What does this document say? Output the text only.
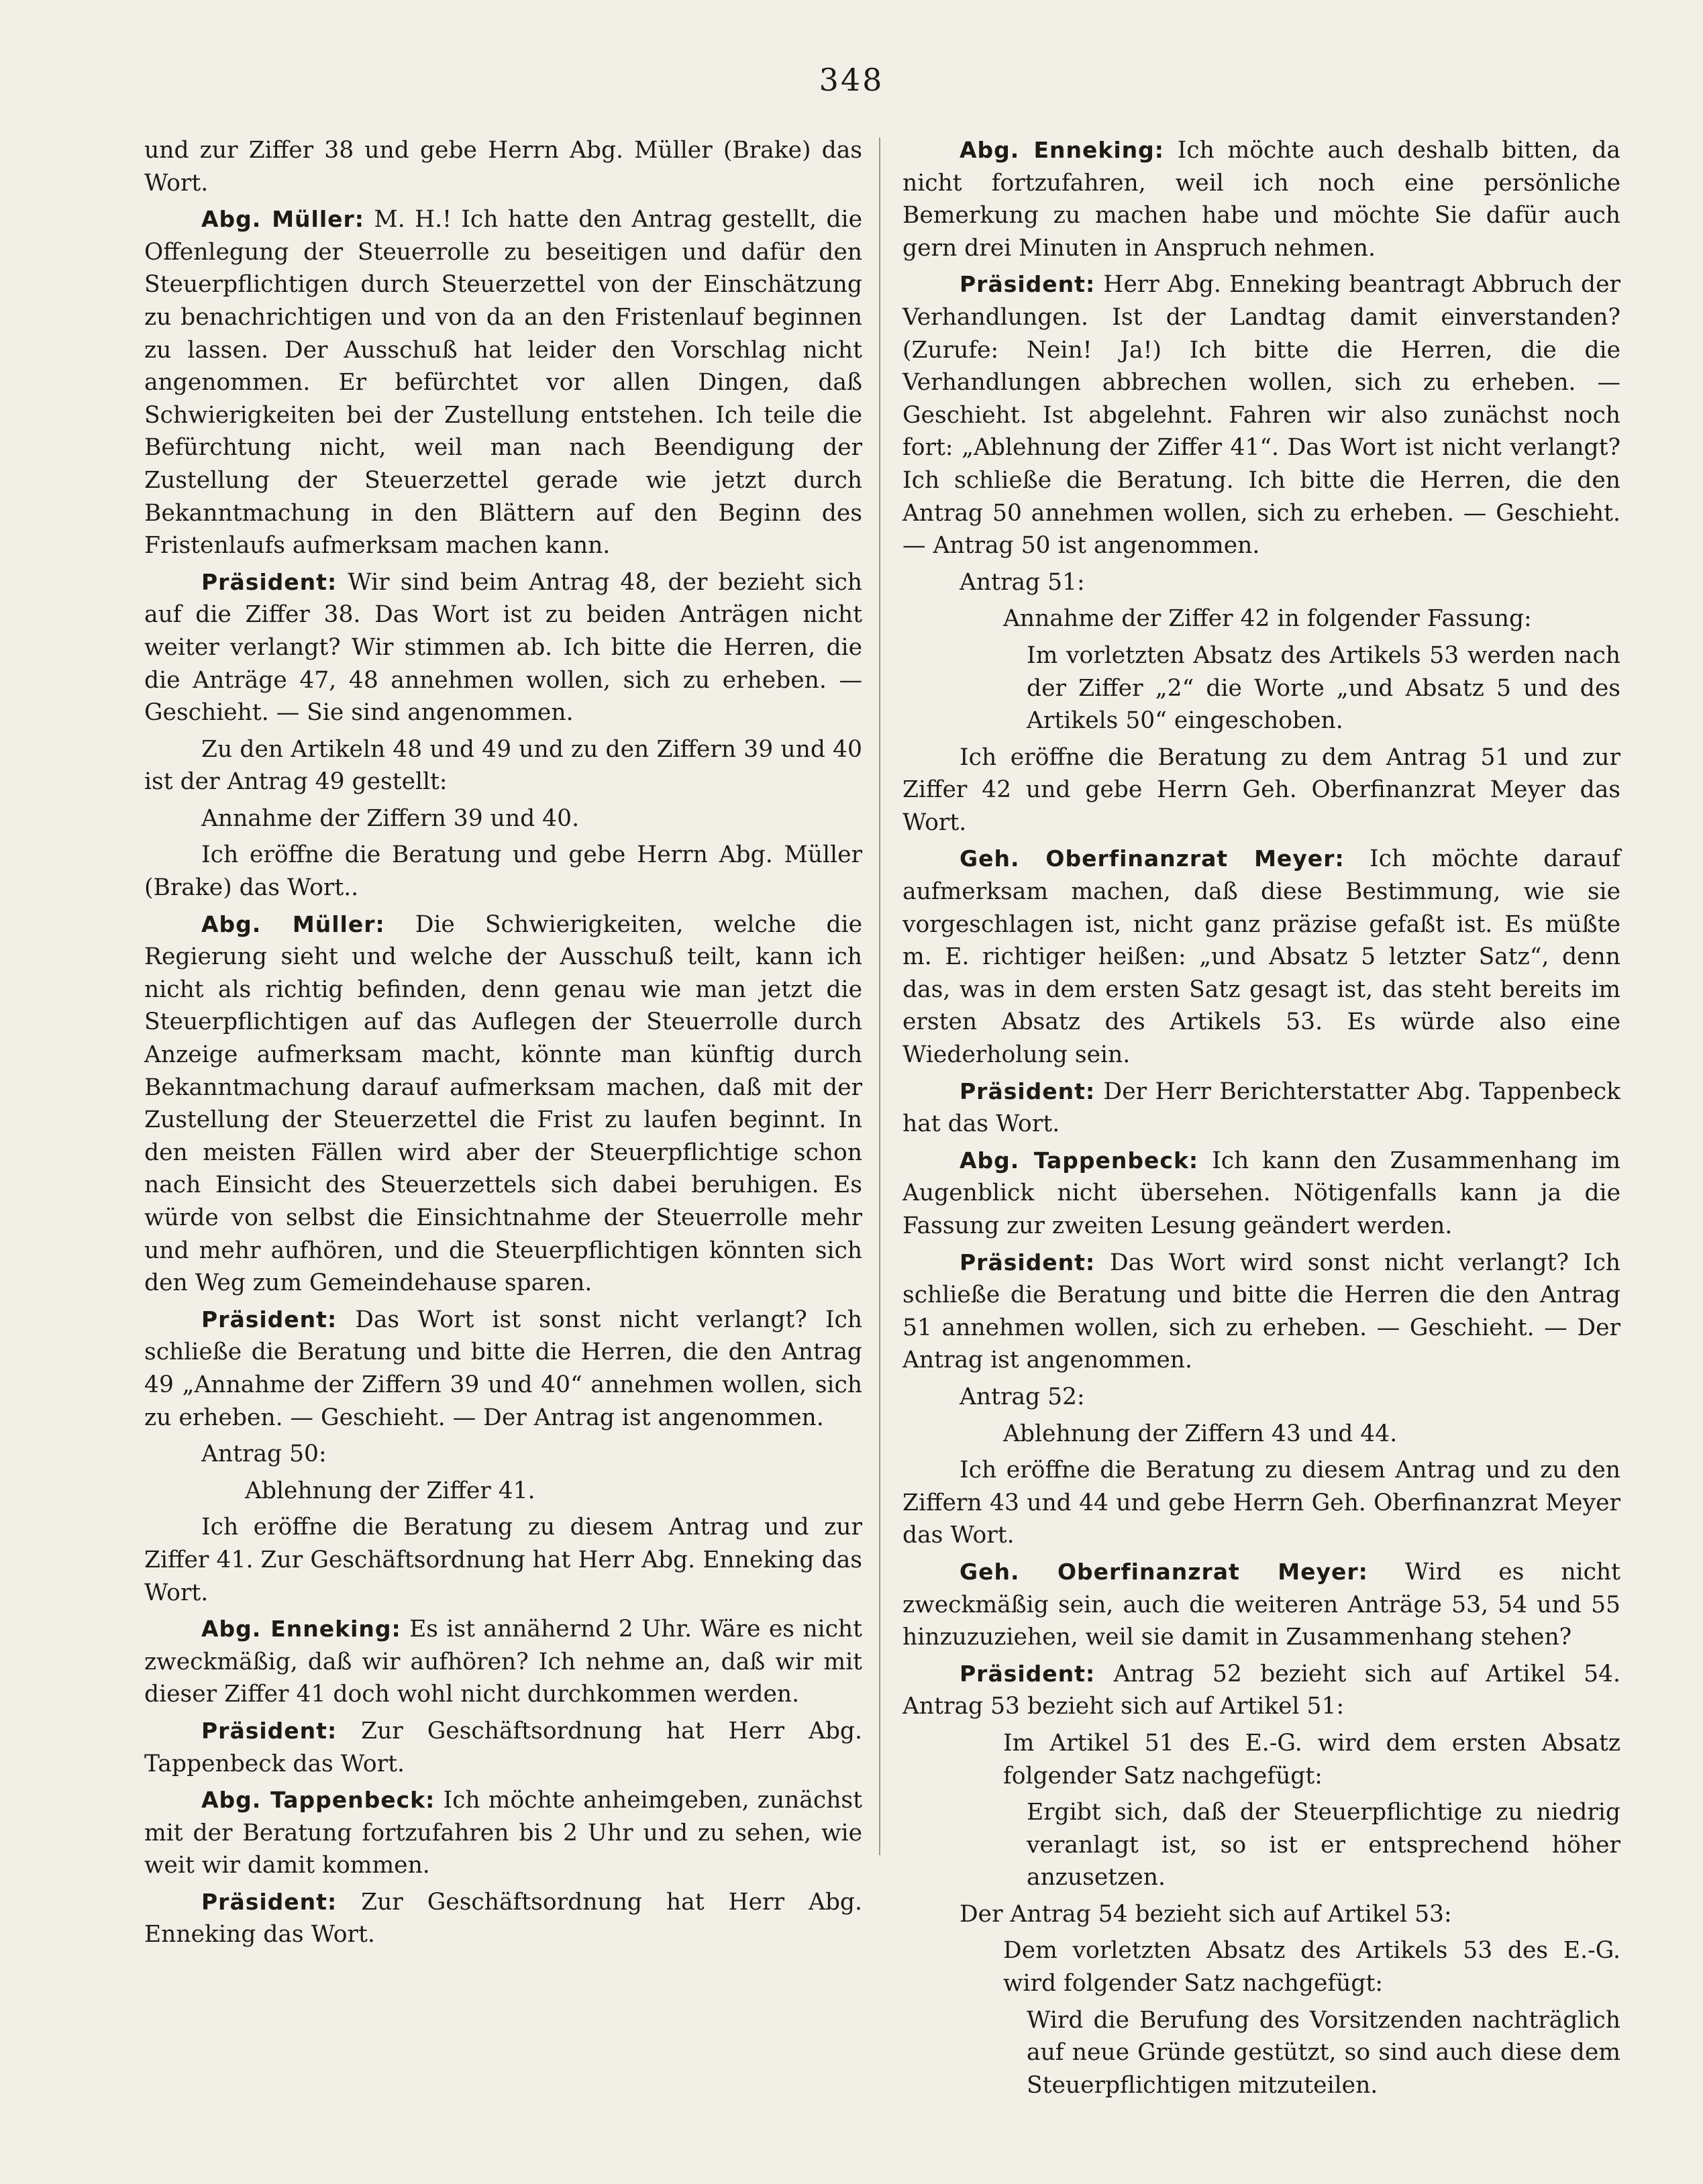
348

und zur Ziffer 38 und gebe Herrn Abg. Müller (Brake) das Wort.

Abg. Müller: M. H.! Ich hatte den Antrag gestellt, die Offenlegung der Steuerrolle zu beseitigen und dafür den Steuerpflichtigen durch Steuerzettel von der Einschätzung zu benachrichtigen und von da an den Fristenlauf beginnen zu lassen. Der Ausschuß hat leider den Vorschlag nicht angenommen. Er befürchtet vor allen Dingen, daß Schwierigkeiten bei der Zustellung entstehen. Ich teile die Befürchtung nicht, weil man nach Beendigung der Zustellung der Steuerzettel gerade wie jetzt durch Bekanntmachung in den Blättern auf den Beginn des Fristenlaufs aufmerksam machen kann.

Präsident: Wir sind beim Antrag 48, der bezieht sich auf die Ziffer 38. Das Wort ist zu beiden Anträgen nicht weiter verlangt? Wir stimmen ab. Ich bitte die Herren, die die Anträge 47, 48 annehmen wollen, sich zu erheben. — Geschieht. — Sie sind angenommen.

Zu den Artikeln 48 und 49 und zu den Ziffern 39 und 40 ist der Antrag 49 gestellt:

Annahme der Ziffern 39 und 40.

Ich eröffne die Beratung und gebe Herrn Abg. Müller (Brake) das Wort..

Abg. Müller: Die Schwierigkeiten, welche die Regierung sieht und welche der Ausschuß teilt, kann ich nicht als richtig befinden, denn genau wie man jetzt die Steuerpflichtigen auf das Auflegen der Steuerrolle durch Anzeige aufmerksam macht, könnte man künftig durch Bekanntmachung darauf aufmerksam machen, daß mit der Zustellung der Steuerzettel die Frist zu laufen beginnt. In den meisten Fällen wird aber der Steuerpflichtige schon nach Einsicht des Steuerzettels sich dabei beruhigen. Es würde von selbst die Einsichtnahme der Steuerrolle mehr und mehr aufhören, und die Steuerpflichtigen könnten sich den Weg zum Gemeindehause sparen.

Präsident: Das Wort ist sonst nicht verlangt? Ich schließe die Beratung und bitte die Herren, die den Antrag 49 „Annahme der Ziffern 39 und 40“ annehmen wollen, sich zu erheben. — Geschieht. — Der Antrag ist angenommen.

Antrag 50:

Ablehnung der Ziffer 41.

Ich eröffne die Beratung zu diesem Antrag und zur Ziffer 41. Zur Geschäftsordnung hat Herr Abg. Enneking das Wort.

Abg. Enneking: Es ist annähernd 2 Uhr. Wäre es nicht zweckmäßig, daß wir aufhören? Ich nehme an, daß wir mit dieser Ziffer 41 doch wohl nicht durchkommen werden.

Präsident: Zur Geschäftsordnung hat Herr Abg. Tappenbeck das Wort.

Abg. Tappenbeck: Ich möchte anheimgeben, zunächst mit der Beratung fortzufahren bis 2 Uhr und zu sehen, wie weit wir damit kommen.

Präsident: Zur Geschäftsordnung hat Herr Abg. Enneking das Wort.

Abg. Enneking: Ich möchte auch deshalb bitten, da nicht fortzufahren, weil ich noch eine persönliche Bemerkung zu machen habe und möchte Sie dafür auch gern drei Minuten in Anspruch nehmen.

Präsident: Herr Abg. Enneking beantragt Abbruch der Verhandlungen. Ist der Landtag damit einverstanden? (Zurufe: Nein! Ja!) Ich bitte die Herren, die die Verhandlungen abbrechen wollen, sich zu erheben. — Geschieht. Ist abgelehnt. Fahren wir also zunächst noch fort: „Ablehnung der Ziffer 41“. Das Wort ist nicht verlangt? Ich schließe die Beratung. Ich bitte die Herren, die den Antrag 50 annehmen wollen, sich zu erheben. — Geschieht. — Antrag 50 ist angenommen.

Antrag 51:

Annahme der Ziffer 42 in folgender Fassung:

Im vorletzten Absatz des Artikels 53 werden nach der Ziffer „2“ die Worte „und Absatz 5 und des Artikels 50“ eingeschoben.

Ich eröffne die Beratung zu dem Antrag 51 und zur Ziffer 42 und gebe Herrn Geh. Oberfinanzrat Meyer das Wort.

Geh. Oberfinanzrat Meyer: Ich möchte darauf aufmerksam machen, daß diese Bestimmung, wie sie vorgeschlagen ist, nicht ganz präzise gefaßt ist. Es müßte m. E. richtiger heißen: „und Absatz 5 letzter Satz“, denn das, was in dem ersten Satz gesagt ist, das steht bereits im ersten Absatz des Artikels 53. Es würde also eine Wiederholung sein.

Präsident: Der Herr Berichterstatter Abg. Tappenbeck hat das Wort.

Abg. Tappenbeck: Ich kann den Zusammenhang im Augenblick nicht übersehen. Nötigenfalls kann ja die Fassung zur zweiten Lesung geändert werden.

Präsident: Das Wort wird sonst nicht verlangt? Ich schließe die Beratung und bitte die Herren die den Antrag 51 annehmen wollen, sich zu erheben. — Geschieht. — Der Antrag ist angenommen.

Antrag 52:

Ablehnung der Ziffern 43 und 44.

Ich eröffne die Beratung zu diesem Antrag und zu den Ziffern 43 und 44 und gebe Herrn Geh. Oberfinanzrat Meyer das Wort.

Geh. Oberfinanzrat Meyer: Wird es nicht zweckmäßig sein, auch die weiteren Anträge 53, 54 und 55 hinzuzuziehen, weil sie damit in Zusammenhang stehen?

Präsident: Antrag 52 bezieht sich auf Artikel 54. Antrag 53 bezieht sich auf Artikel 51:

Im Artikel 51 des E.-G. wird dem ersten Absatz folgender Satz nachgefügt:

Ergibt sich, daß der Steuerpflichtige zu niedrig veranlagt ist, so ist er entsprechend höher anzusetzen.

Der Antrag 54 bezieht sich auf Artikel 53:

Dem vorletzten Absatz des Artikels 53 des E.-G. wird folgender Satz nachgefügt:

Wird die Berufung des Vorsitzenden nachträglich auf neue Gründe gestützt, so sind auch diese dem Steuerpflichtigen mitzuteilen.
